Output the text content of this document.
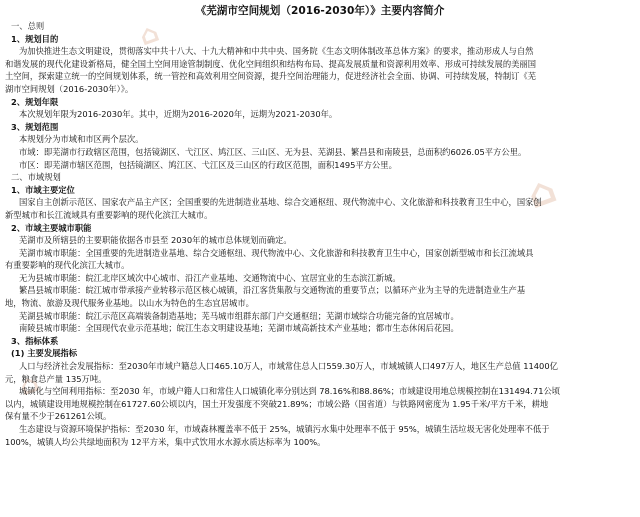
⌂
⌂
⌂
《芜湖市空间规划（2016-2030年）》主要内容简介
一、总则
1、规划目的
为加快推进生态文明建设，贯彻落实中共十八大、十九大精神和中共中央、国务院《生态文明体制改革总体方案》的要求，推动形成人与自然
和谐发展的现代化建设新格局，健全国土空间用途管制制度、优化空间组织和结构布局、提高发展质量和资源利用效率、形成可持续发展的美丽国
土空间，探索建立统一的空间规划体系，统一管控和高效利用空间资源，提升空间治理能力，促进经济社会全面、协调、可持续发展，特制订《芜
湖市空间规划（2016-2030年）》。
2、规划年限
本次规划年限为2016-2030年。其中，近期为2016-2020年，远期为2021-2030年。
3、规划范围
本规划分为市域和市区两个层次。
市域：即芜湖市行政辖区范围，包括镜湖区、弋江区、鸠江区、三山区、无为县、芜湖县、繁昌县和南陵县，总面积约6026.05平方公里。
市区：即芜湖市辖区范围，包括镜湖区、鸠江区、弋江区及三山区的行政区范围，面积1495平方公里。
二、市域规划
1、市域主要定位
国家自主创新示范区、国家农产品主产区；全国重要的先进制造业基地、综合交通枢纽、现代物流中心、文化旅游和科技教育卫生中心，国家创
新型城市和长江流域具有重要影响的现代化滨江大城市。
2、市域主要城市职能
芜湖市及所辖县的主要职能依据各市县至 2030年的城市总体规划而确定。
芜湖市城市职能：全国重要的先进制造业基地、综合交通枢纽、现代物流中心、文化旅游和科技教育卫生中心，国家创新型城市和长江流域具
有重要影响的现代化滨江大城市。
无为县城市职能：皖江北岸区域次中心城市、沿江产业基地、交通物流中心、宜居宜业的生态滨江新城。
繁昌县城市职能：皖江城市带承接产业转移示范区核心城镇，沿江客货集散与交通物流的重要节点；以循环产业为主导的先进制造业生产基
地，物流、旅游及现代服务业基地。以山水为特色的生态宜居城市。
芜湖县城市职能：皖江示范区高端装备制造基地；芜马城市组群东部门户交通枢纽；芜湖市域综合功能完备的宜居城市。
南陵县城市职能：全国现代农业示范基地；皖江生态文明建设基地；芜湖市域高新技术产业基地；都市生态休闲后花园。
3、指标体系
(1) 主要发展指标
人口与经济社会发展指标：至2030年市域户籍总人口465.10万人，市域常住总人口559.30万人，市域城镇人口497万人，地区生产总值 11400亿
元，粮食总产量 135万吨。
城镇化与空间利用指标：至2030 年，市域户籍人口和常住人口城镇化率分别达到 78.16%和88.86%；市域建设用地总规模控制在131494.71公顷
以内，城镇建设用地规模控制在61727.60公顷以内，国土开发强度不突破21.89%；市域公路（国省道）与铁路网密度为 1.95千米/平方千米，耕地
保有量不少于261261公顷。
生态建设与资源环境保护指标：至2030 年，市域森林覆盖率不低于 25%，城镇污水集中处理率不低于 95%，城镇生活垃圾无害化处理率不低于
100%，城镇人均公共绿地面积为 12平方米，集中式饮用水水源水质达标率为 100%。
